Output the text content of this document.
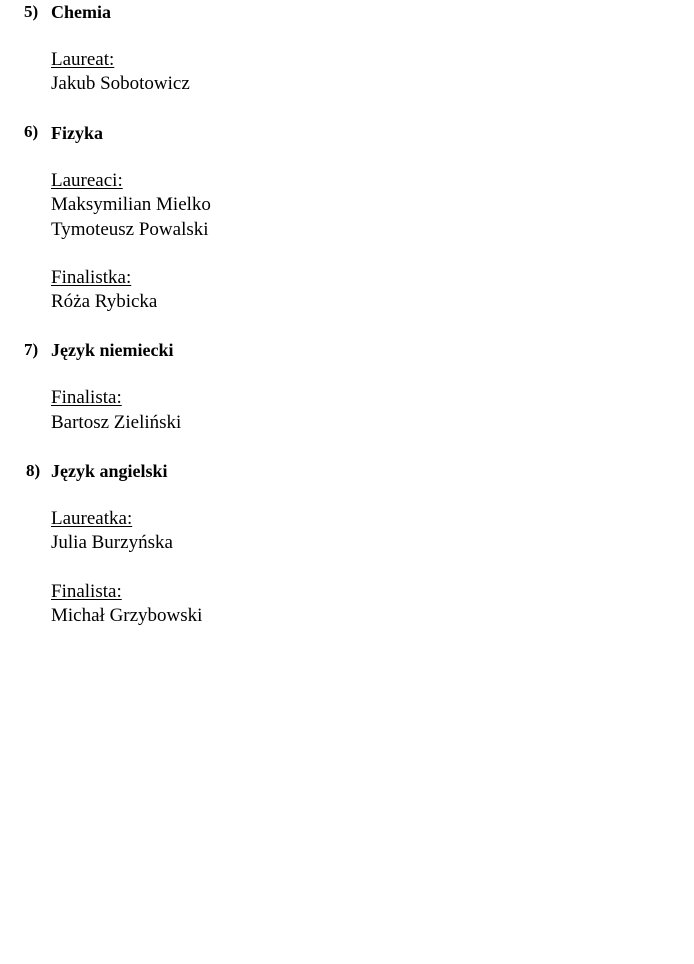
5) Chemia
Laureat:
Jakub Sobotowicz
6) Fizyka
Laureaci:
Maksymilian Mielko
Tymoteusz Powalski
Finalistka:
Róża Rybicka
7) Język niemiecki
Finalista:
Bartosz Zieliński
8) Język angielski
Laureatka:
Julia Burzyńska
Finalista:
Michał Grzybowski
